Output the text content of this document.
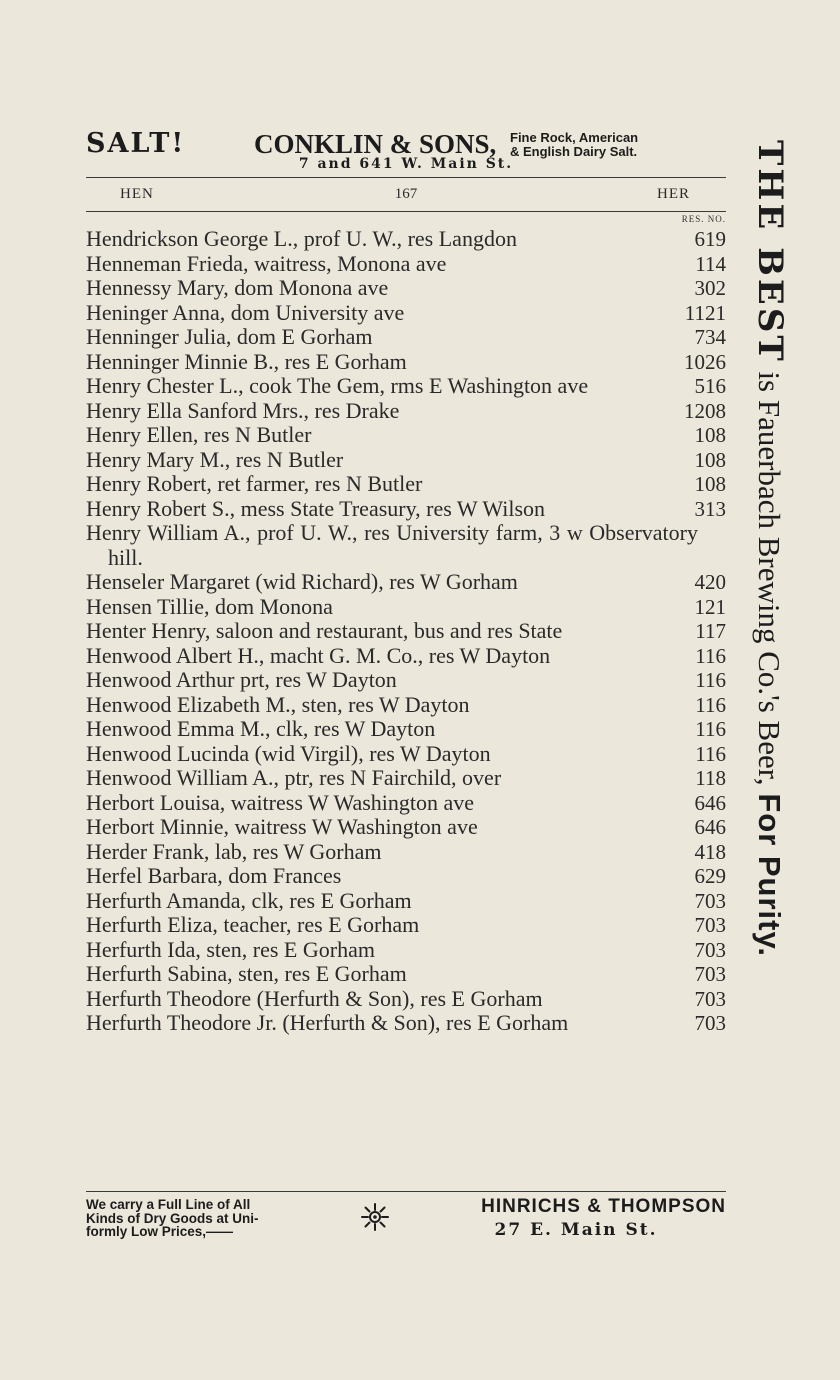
SALT!	CONKLIN & SONS, Fine Rock, American
& English Dairy Salt.
7 and 641 W. Main St.
HEN	167	HER
RES. NO.
Hendrickson George L., prof U. W., res Langdon	619
Henneman Frieda, waitress, Monona ave	114
Hennessy Mary, dom Monona ave	302
Heninger Anna, dom University ave	1121
Henninger Julia, dom E Gorham	734
Henninger Minnie B., res E Gorham	1026
Henry Chester L., cook The Gem, rms E Washington ave	516
Henry Ella Sanford Mrs., res Drake	1208
Henry Ellen, res N Butler	108
Henry Mary M., res N Butler	108
Henry Robert, ret farmer, res N Butler	108
Henry Robert S., mess State Treasury, res W Wilson	313
Henry William A., prof U. W., res University farm, 3 w Observatory hill.
Henseler Margaret (wid Richard), res W Gorham	420
Hensen Tillie, dom Monona	121
Henter Henry, saloon and restaurant, bus and res State	117
Henwood Albert H., macht G. M. Co., res W Dayton	116
Henwood Arthur prt, res W Dayton	116
Henwood Elizabeth M., sten, res W Dayton	116
Henwood Emma M., clk, res W Dayton	116
Henwood Lucinda (wid Virgil), res W Dayton	116
Henwood William A., ptr, res N Fairchild, over	118
Herbort Louisa, waitress W Washington ave	646
Herbort Minnie, waitress W Washington ave	646
Herder Frank, lab, res W Gorham	418
Herfel Barbara, dom Frances	629
Herfurth Amanda, clk, res E Gorham	703
Herfurth Eliza, teacher, res E Gorham	703
Herfurth Ida, sten, res E Gorham	703
Herfurth Sabina, sten, res E Gorham	703
Herfurth Theodore (Herfurth & Son), res E Gorham	703
Herfurth Theodore Jr. (Herfurth & Son), res E Gorham	703
We carry a Full Line of All
Kinds of Dry Goods at Uni-
formly Low Prices,——
HINRICHS & THOMPSON
27 E. Main St.
THE BEST is Fauerbach Brewing Co.'s Beer, For Purity.
